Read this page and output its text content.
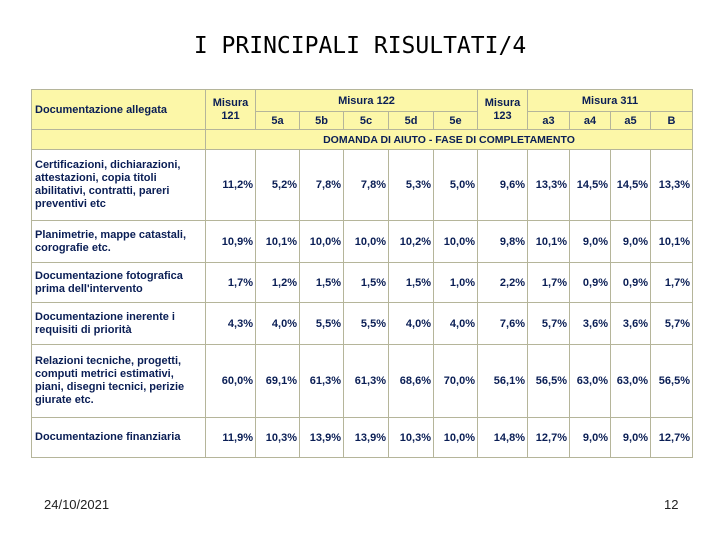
I PRINCIPALI RISULTATI/4
Documentazione allegata	Misura 121	Misura 122					Misura 123	Misura 311			
		5a	5b	5c	5d	5e		a3	a4	a5	B
	DOMANDA DI AIUTO - FASE DI COMPLETAMENTO										
Certificazioni, dichiarazioni, attestazioni, copia titoli abilitativi, contratti, pareri preventivi etc	11,2%	5,2%	7,8%	7,8%	5,3%	5,0%	9,6%	13,3%	14,5%	14,5%	13,3%
Planimetrie, mappe catastali, corografie etc.	10,9%	10,1%	10,0%	10,0%	10,2%	10,0%	9,8%	10,1%	9,0%	9,0%	10,1%
Documentazione fotografica prima dell'intervento	1,7%	1,2%	1,5%	1,5%	1,5%	1,0%	2,2%	1,7%	0,9%	0,9%	1,7%
Documentazione inerente i requisiti di priorità	4,3%	4,0%	5,5%	5,5%	4,0%	4,0%	7,6%	5,7%	3,6%	3,6%	5,7%
Relazioni tecniche, progetti, computi metrici estimativi, piani, disegni tecnici, perizie giurate etc.	60,0%	69,1%	61,3%	61,3%	68,6%	70,0%	56,1%	56,5%	63,0%	63,0%	56,5%
Documentazione finanziaria	11,9%	10,3%	13,9%	13,9%	10,3%	10,0%	14,8%	12,7%	9,0%	9,0%	12,7%
24/10/2021	12
